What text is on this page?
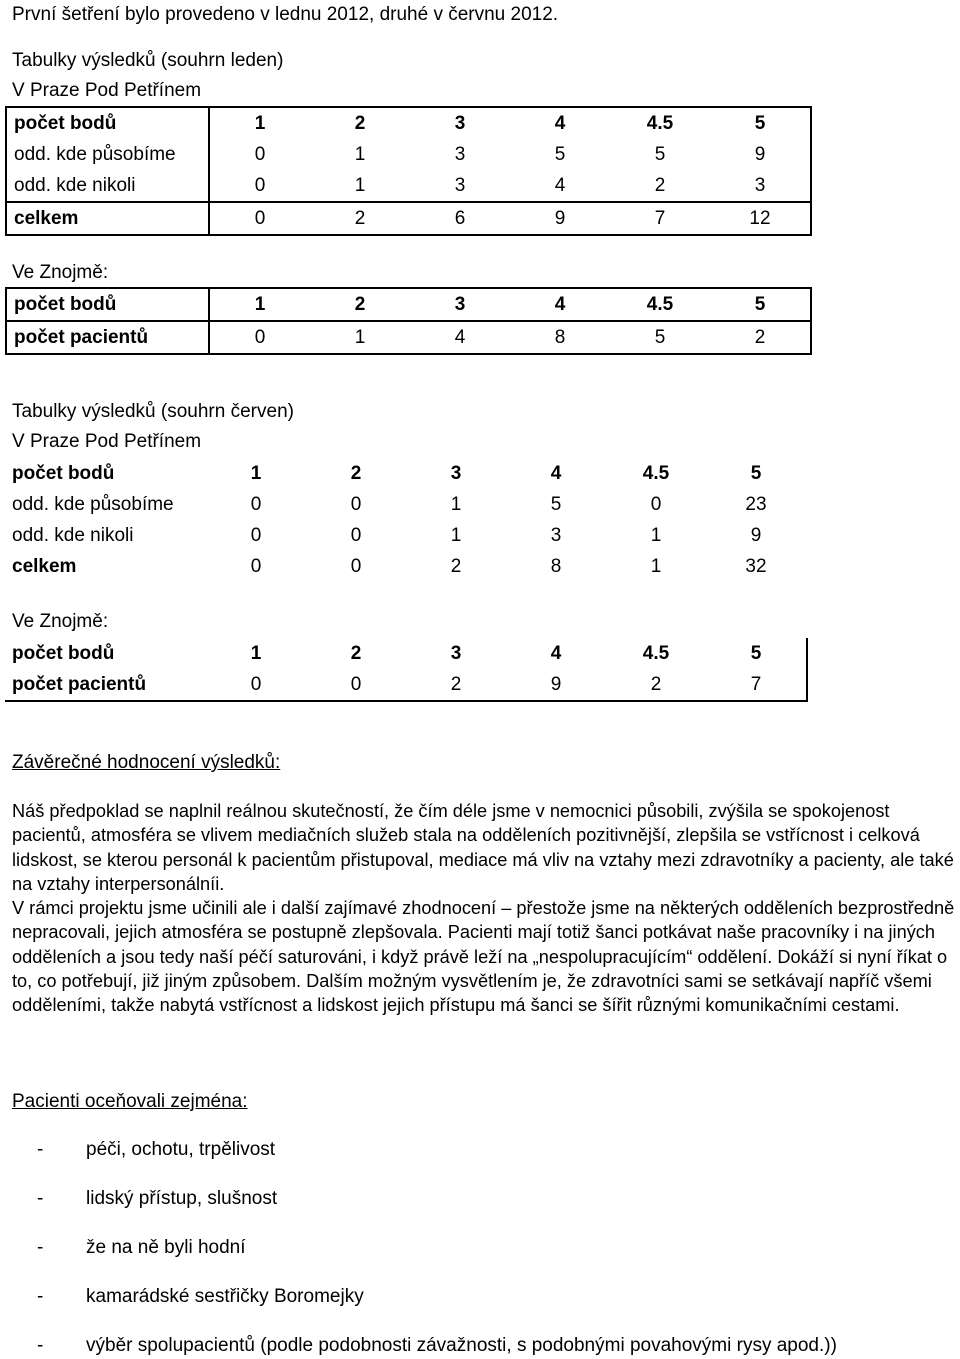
První šetření bylo provedeno v lednu 2012, druhé v červnu 2012.
Tabulky výsledků (souhrn leden)
V Praze Pod Petřínem
počet bodů	1	2	3	4	4.5	5
odd. kde působíme	0	1	3	5	5	9
odd. kde nikoli	0	1	3	4	2	3
celkem	0	2	6	9	7	12
Ve Znojmě:
počet bodů	1	2	3	4	4.5	5
počet pacientů	0	1	4	8	5	2
Tabulky výsledků (souhrn červen)
V Praze Pod Petřínem
počet bodů	1	2	3	4	4.5	5
odd. kde působíme	0	0	1	5	0	23
odd. kde nikoli	0	0	1	3	1	9
celkem	0	0	2	8	1	32
Ve Znojmě:
počet bodů	1	2	3	4	4.5	5
počet pacientů	0	0	2	9	2	7
Závěrečné hodnocení výsledků:

Náš předpoklad se naplnil reálnou skutečností, že čím déle jsme v nemocnici působili, zvýšila se spokojenost pacientů, atmosféra se vlivem mediačních služeb stala na odděleních pozitivnější, zlepšila se vstřícnost i celková lidskost, se kterou personál k pacientům přistupoval, mediace má vliv na vztahy mezi zdravotníky a pacienty, ale také na vztahy interpersonálníi.

V rámci projektu jsme učinili ale i další zajímavé zhodnocení – přestože jsme na některých odděleních bezprostředně nepracovali, jejich atmosféra se postupně zlepšovala. Pacienti mají totiž šanci potkávat naše pracovníky i na jiných odděleních a jsou tedy naší péčí saturováni, i když právě leží na „nespolupracujícím“ oddělení. Dokáží si nyní říkat o to, co potřebují, již jiným způsobem. Dalším možným vysvětlením je, že zdravotníci sami se setkávají napříč všemi odděleními, takže nabytá vstřícnost a lidskost jejich přístupu má šanci se šířit různými komunikačními cestami.

Pacienti oceňovali zejména:
- péči, ochotu, trpělivost
- lidský přístup, slušnost
- že na ně byli hodní
- kamarádské sestřičky Boromejky
- výběr spolupacientů (podle podobnosti závažnosti, s podobnými povahovými rysy apod.))
